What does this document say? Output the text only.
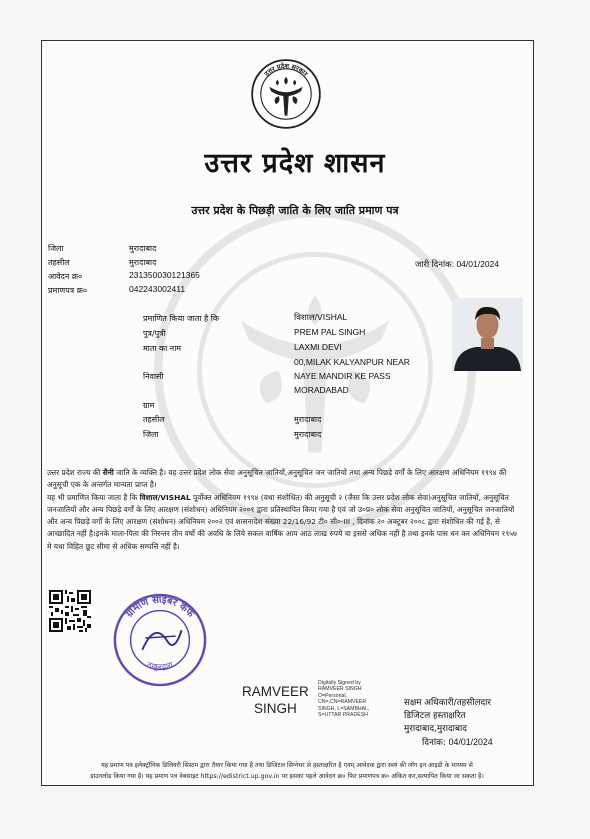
उत्तर प्रदेश सरकार
उत्तर प्रदेश शासन
उत्तर प्रदेश के पिछड़ी जाति के लिए जाति प्रमाण पत्र
जिला	मुरादाबाद
तहसील	मुरादाबाद
आवेदन क्र०	231350030121365
प्रमाणपत्र क्र०	042243002411
जारी दिनांक: 04/01/2024
प्रमाणित किया जाता है कि	विशाल/VISHAL
पुत्र/पुत्री	PREM PAL SINGH
माता का नाम	LAXMI DEVI
निवासी
00,MILAK KALYANPUR NEAR
NAYE MANDIR KE PASS
MORADABAD
ग्राम
तहसील	मुरादाबाद
जिला	मुरादाबाद

उत्तर प्रदेश राज्य की सैनी जाति के व्यक्ति है। यह उत्तर प्रदेश लोक सेवा अनुसूचित जातियों,अनुसूचित जन जातियों तथा अन्य पिछड़े वर्गों के लिए आरक्षण अधिनियम १९९४ की अनुसूची एक के अन्तर्गत मान्यता प्राप्त है।

यह भी प्रमाणित किया जाता है कि विशाल/VISHAL पूर्वोक्त अधिनियम १९९४ (यथा संशोधित) की अनुसूची २ (जैसा कि उत्तर प्रदेश लोक सेवा)अनुसूचित जातियों, अनुसूचित जनजातियों और अन्य पिछड़े वर्गों के लिए आरक्षण (संशोधन) अधिनियम २००१ द्वारा प्रतिस्थापित किया गया है एवं जो उ०प्र० लोक सेवा अनुसूचित जातियों, अनुसूचित जनजातियों और अन्य पिछड़े वर्गों के लिए आरक्षण (संशोधन) अधिनियम २००२ एवं शासनादेश संख्या 22/16/92 टी० सी०-III , दिनांक २० अक्टूबर २००८ द्वारा संशोधित की गई है, से आच्छादित नहीं है।इनके माता-पिता की निरन्तर तीन वर्षो की अवधि के लिये सकल वार्षिक आय आठ लाख रुपये या इससे अधिक नहीं है तथा इनके पास धन कर अधिनियम १९५७ मे यथा विहित छूट सीमा से अधिक सम्पत्ति नहीं है।

ग्रामीण सांईबर कैफे
ठाकुरद्वारा
RAMVEER
SINGH
Digitally Signed by
RAMVEER SINGH
O=Personal,
CN=,CN=RAMVEER
SINGH, L=SAMBHAL,
S=UTTAR PRADESH
सक्षम अधिकारी/तहसीलदार
डिजिटल हस्ताक्षरित
मुरादाबाद,मुरादाबाद
दिनांक: 04/01/2024
यह प्रमाण पत्र इलेक्ट्रॉनिक डिलिवरी सिस्टम द्वारा तैयार किया गया है तथा डिजिटल सिग्नेचर से हस्ताक्षरित है एवम् आवेदक द्वारा स्वयं की लॉग इन आइडी के माध्यम से
डाउनलोड किया गया है। यह प्रमाण पत्र वेबसाइट https://edistrict.up.gov.in पर इसका पहले आवेदन क्र० फिर प्रमाणपत्र क्र० अंकित कर,सत्यापित किया जा सकता है।
